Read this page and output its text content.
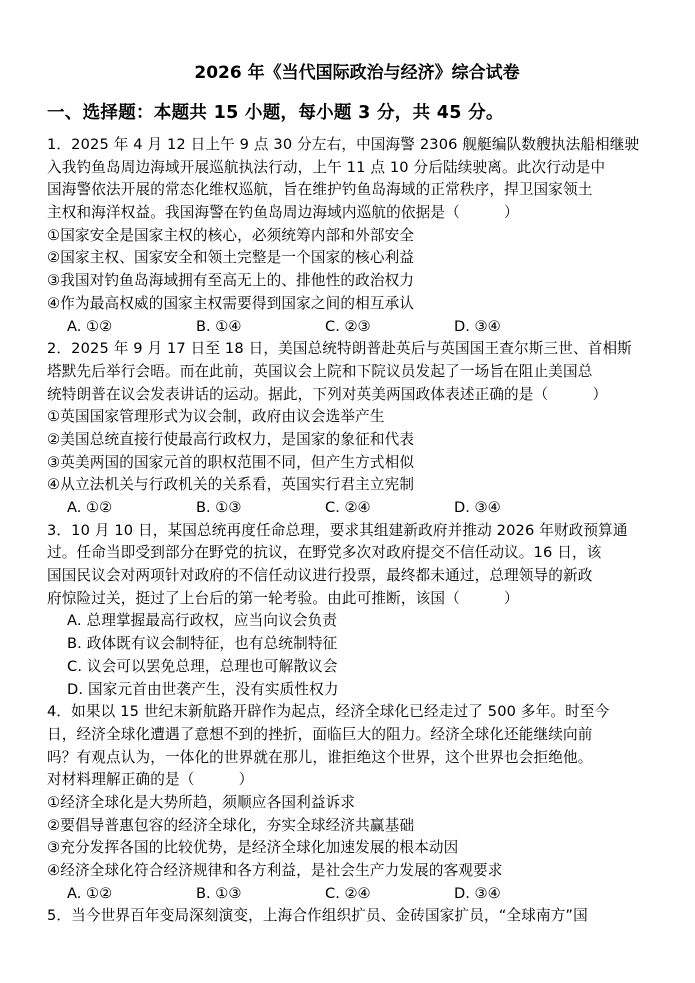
2026 年《当代国际政治与经济》综合试卷
一、选择题：本题共 15 小题，每小题 3 分，共 45 分。
1．2025 年 4 月 12 日上午 9 点 30 分左右，中国海警 2306 舰艇编队数艘执法船相继驶
入我钓鱼岛周边海域开展巡航执法行动，上午 11 点 10 分后陆续驶离。此次行动是中
国海警依法开展的常态化维权巡航，旨在维护钓鱼岛海域的正常秩序，捍卫国家领土
主权和海洋权益。我国海警在钓鱼岛周边海域内巡航的依据是（　　　）
①国家安全是国家主权的核心，必须统筹内部和外部安全
②国家主权、国家安全和领土完整是一个国家的核心利益
③我国对钓鱼岛海域拥有至高无上的、排他性的政治权力
④作为最高权威的国家主权需要得到国家之间的相互承认
A. ①②	B. ①④	C. ②③	D. ③④
2．2025 年 9 月 17 日至 18 日，美国总统特朗普赴英后与英国国王查尔斯三世、首相斯
塔默先后举行会晤。而在此前，英国议会上院和下院议员发起了一场旨在阻止美国总
统特朗普在议会发表讲话的运动。据此，下列对英美两国政体表述正确的是（　　　）
①英国国家管理形式为议会制，政府由议会选举产生
②美国总统直接行使最高行政权力，是国家的象征和代表
③英美两国的国家元首的职权范围不同，但产生方式相似
④从立法机关与行政机关的关系看，英国实行君主立宪制
A. ①②	B. ①③	C. ②④	D. ③④
3．10 月 10 日，某国总统再度任命总理，要求其组建新政府并推动 2026 年财政预算通
过。任命当即受到部分在野党的抗议，在野党多次对政府提交不信任动议。16 日，该
国国民议会对两项针对政府的不信任动议进行投票，最终都未通过，总理领导的新政
府惊险过关，挺过了上台后的第一轮考验。由此可推断，该国（　　　）
A. 总理掌握最高行政权，应当向议会负责
B. 政体既有议会制特征，也有总统制特征
C. 议会可以罢免总理，总理也可解散议会
D. 国家元首由世袭产生，没有实质性权力
4．如果以 15 世纪末新航路开辟作为起点，经济全球化已经走过了 500 多年。时至今
日，经济全球化遭遇了意想不到的挫折，面临巨大的阻力。经济全球化还能继续向前
吗？有观点认为，一体化的世界就在那儿，谁拒绝这个世界，这个世界也会拒绝他。
对材料理解正确的是（　　　）
①经济全球化是大势所趋，须顺应各国利益诉求
②要倡导普惠包容的经济全球化，夯实全球经济共赢基础
③充分发挥各国的比较优势，是经济全球化加速发展的根本动因
④经济全球化符合经济规律和各方利益，是社会生产力发展的客观要求
A. ①②	B. ①③	C. ②④	D. ③④
5．当今世界百年变局深刻演变，上海合作组织扩员、金砖国家扩员，“全球南方”国
